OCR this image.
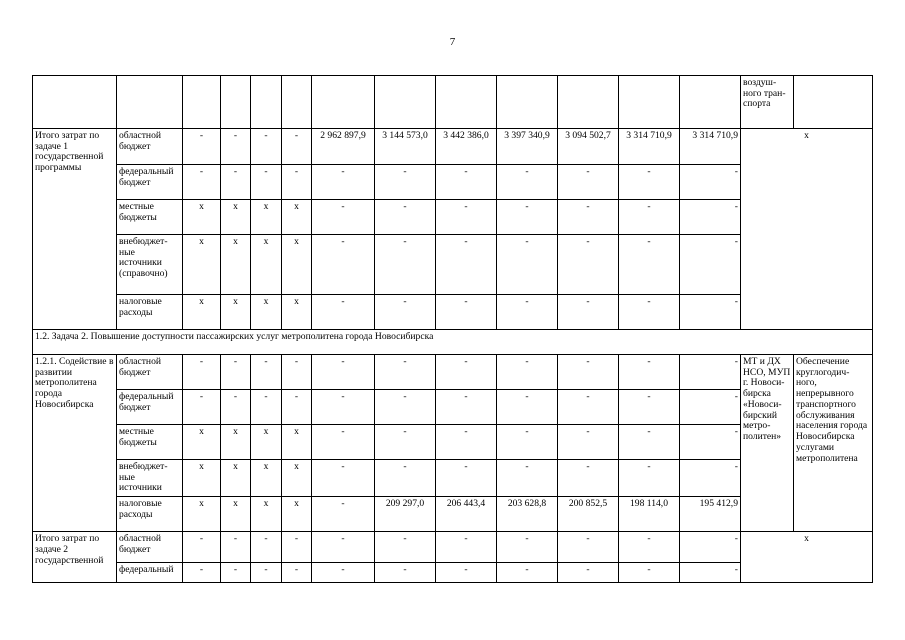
7
													воздуш-ного тран-спорта	
Итого затрат по задаче 1 государственной программы	областной бюджет	-	-	-	-	2 962 897,9	3 144 573,0	3 442 386,0	3 397 340,9	3 094 502,7	3 314 710,9	3 314 710,9	x	
	федеральный бюджет	-	-	-	-	-	-	-	-	-	-	-		
	местные бюджеты	x	x	x	x	-	-	-	-	-	-	-		
	внебюджет-ные источники (справочно)	x	x	x	x	-	-	-	-	-	-	-		
	налоговые расходы	x	x	x	x	-	-	-	-	-	-	-		
1.2. Задача 2. Повышение доступности пассажирских услуг метрополитена города Новосибирска														
1.2.1. Содействие в развитии метрополитена города Новосибирска	областной бюджет	-	-	-	-	-	-	-	-	-	-	-	МТ и ДХ НСО, МУП г. Новоси-бирска «Новоси-бирский метро-политен»	Обеспечение круглогодич-ного, непрерывного транспортного обслуживания населения города Новосибирска услугами метрополитена
	федеральный бюджет	-	-	-	-	-	-	-	-	-	-	-		
	местные бюджеты	x	x	x	x	-	-	-	-	-	-	-		
	внебюджет-ные источники	x	x	x	x	-	-	-	-	-	-	-		
	налоговые расходы	x	x	x	x	-	209 297,0	206 443,4	203 628,8	200 852,5	198 114,0	195 412,9		
Итого затрат по задаче 2 государственной	областной бюджет	-	-	-	-	-	-	-	-	-	-	-	x	
	федеральный	-	-	-	-	-	-	-	-	-	-	-		
